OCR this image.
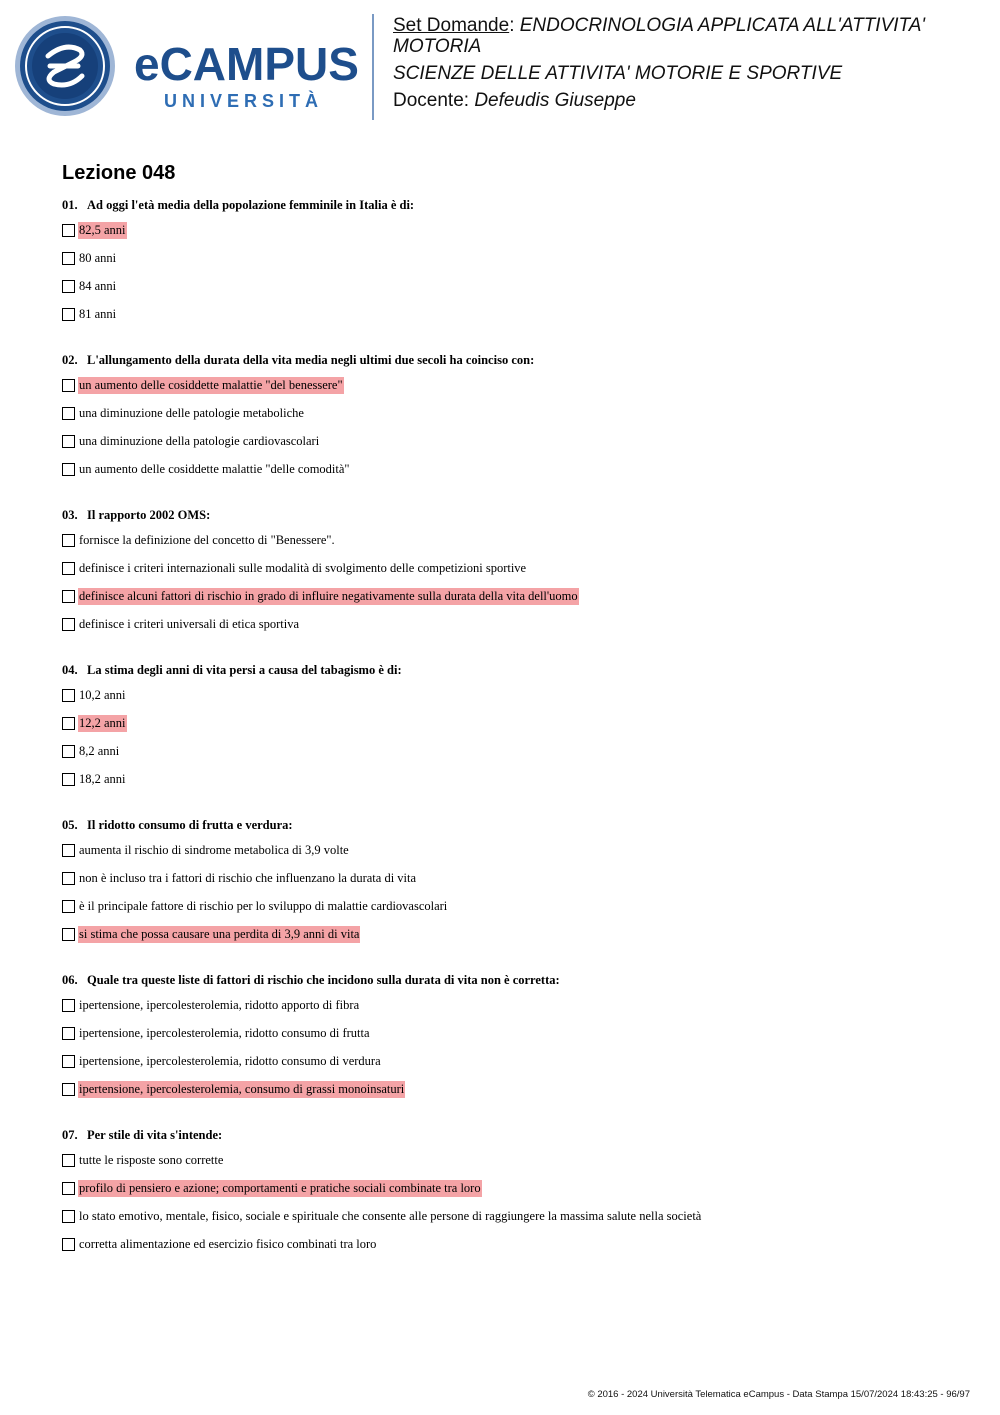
eCAMPUS
UNIVERSITÀ
Set Domande: ENDOCRINOLOGIA APPLICATA ALL'ATTIVITA' MOTORIA
SCIENZE DELLE ATTIVITA' MOTORIE E SPORTIVE
Docente: Defeudis Giuseppe
Lezione 048
01. Ad oggi l'età media della popolazione femminile in Italia è di:
82,5 anni
80 anni
84 anni
81 anni
02. L'allungamento della durata della vita media negli ultimi due secoli ha coinciso con:
un aumento delle cosiddette malattie "del benessere"
una diminuzione delle patologie metaboliche
una diminuzione della patologie cardiovascolari
un aumento delle cosiddette malattie "delle comodità"
03. Il rapporto 2002 OMS:
fornisce la definizione del concetto di "Benessere".
definisce i criteri internazionali sulle modalità di svolgimento delle competizioni sportive
definisce alcuni fattori di rischio in grado di influire negativamente sulla durata della vita dell'uomo
definisce i criteri universali di etica sportiva
04. La stima degli anni di vita persi a causa del tabagismo è di:
10,2 anni
12,2 anni
8,2 anni
18,2 anni
05. Il ridotto consumo di frutta e verdura:
aumenta il rischio di sindrome metabolica di 3,9 volte
non è incluso tra i fattori di rischio che influenzano la durata di vita
è il principale fattore di rischio per lo sviluppo di malattie cardiovascolari
si stima che possa causare una perdita di 3,9 anni di vita
06. Quale tra queste liste di fattori di rischio che incidono sulla durata di vita non è corretta:
ipertensione, ipercolesterolemia, ridotto apporto di fibra
ipertensione, ipercolesterolemia, ridotto consumo di frutta
ipertensione, ipercolesterolemia, ridotto consumo di verdura
ipertensione, ipercolesterolemia, consumo di grassi monoinsaturi
07. Per stile di vita s'intende:
tutte le risposte sono corrette
profilo di pensiero e azione; comportamenti e pratiche sociali combinate tra loro
lo stato emotivo, mentale, fisico, sociale e spirituale che consente alle persone di raggiungere la massima salute nella società
corretta alimentazione ed esercizio fisico combinati tra loro
© 2016 - 2024 Università Telematica eCampus - Data Stampa 15/07/2024 18:43:25 - 96/97
